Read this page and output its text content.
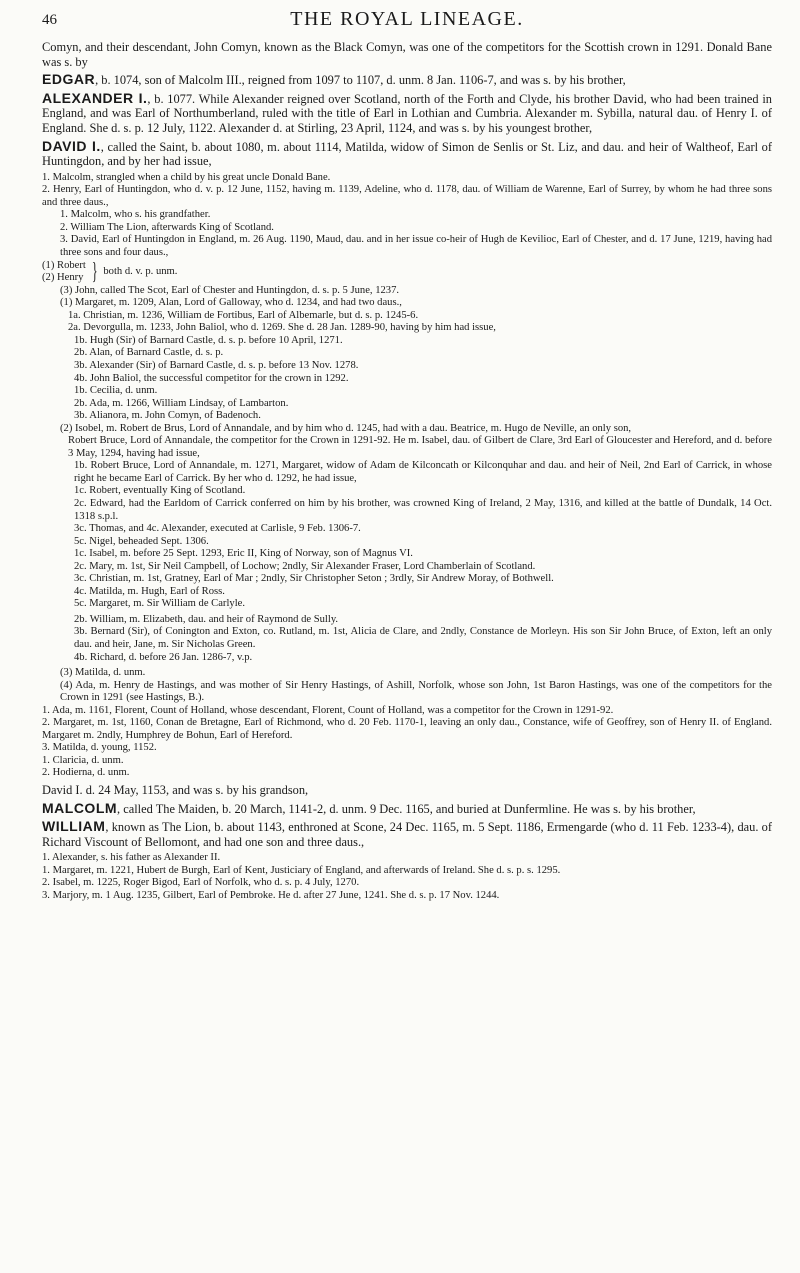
46	THE ROYAL LINEAGE.

Comyn, and their descendant, John Comyn, known as the Black Comyn, was one of the competitors for the Scottish crown in 1291. Donald Bane was s. by

EDGAR, b. 1074, son of Malcolm III., reigned from 1097 to 1107, d. unm. 8 Jan. 1106-7, and was s. by his brother,

ALEXANDER I., b. 1077. While Alexander reigned over Scotland, north of the Forth and Clyde, his brother David, who had been trained in England, and was Earl of Northumberland, ruled with the title of Earl in Lothian and Cumbria. Alexander m. Sybilla, natural dau. of Henry I. of England. She d. s. p. 12 July, 1122. Alexander d. at Stirling, 23 April, 1124, and was s. by his youngest brother,

DAVID I., called the Saint, b. about 1080, m. about 1114, Matilda, widow of Simon de Senlis or St. Liz, and dau. and heir of Waltheof, Earl of Huntingdon, and by her had issue,

1. Malcolm, strangled when a child by his great uncle Donald Bane.

2. Henry, Earl of Huntingdon, who d. v. p. 12 June, 1152, having m. 1139, Adeline, who d. 1178, dau. of William de Warenne, Earl of Surrey, by whom he had three sons and three daus.,

1. Malcolm, who s. his grandfather.

2. William The Lion, afterwards King of Scotland.

3. David, Earl of Huntingdon in England, m. 26 Aug. 1190, Maud, dau. and in her issue co-heir of Hugh de Kevilioc, Earl of Chester, and d. 17 June, 1219, having had three sons and four daus.,

(1) Robert
(2) Henry } both d. v. p. unm.

(3) John, called The Scot, Earl of Chester and Huntingdon, d. s. p. 5 June, 1237.

(1) Margaret, m. 1209, Alan, Lord of Galloway, who d. 1234, and had two daus.,

1a. Christian, m. 1236, William de Fortibus, Earl of Albemarle, but d. s. p. 1245-6.

2a. Devorgulla, m. 1233, John Baliol, who d. 1269. She d. 28 Jan. 1289-90, having by him had issue,

1b. Hugh (Sir) of Barnard Castle, d. s. p. before 10 April, 1271.

2b. Alan, of Barnard Castle, d. s. p.

3b. Alexander (Sir) of Barnard Castle, d. s. p. before 13 Nov. 1278.

4b. John Baliol, the successful competitor for the crown in 1292.

1b. Cecilia, d. unm.

2b. Ada, m. 1266, William Lindsay, of Lambarton.

3b. Alianora, m. John Comyn, of Badenoch.

(2) Isobel, m. Robert de Brus, Lord of Annandale, and by him who d. 1245, had with a dau. Beatrice, m. Hugo de Neville, an only son,

Robert Bruce, Lord of Annandale, the competitor for the Crown in 1291-92. He m. Isabel, dau. of Gilbert de Clare, 3rd Earl of Gloucester and Hereford, and d. before 3 May, 1294, having had issue,

1b. Robert Bruce, Lord of Annandale, m. 1271, Margaret, widow of Adam de Kilconcath or Kilconquhar and dau. and heir of Neil, 2nd Earl of Carrick, in whose right he became Earl of Carrick. By her who d. 1292, he had issue,

1c. Robert, eventually King of Scotland.

2c. Edward, had the Earldom of Carrick conferred on him by his brother, was crowned King of Ireland, 2 May, 1316, and killed at the battle of Dundalk, 14 Oct. 1318 s.p.l.

3c. Thomas, and 4c. Alexander, executed at Carlisle, 9 Feb. 1306-7.

5c. Nigel, beheaded Sept. 1306.

1c. Isabel, m. before 25 Sept. 1293, Eric II, King of Norway, son of Magnus VI.

2c. Mary, m. 1st, Sir Neil Campbell, of Lochow; 2ndly, Sir Alexander Fraser, Lord Chamberlain of Scotland.

3c. Christian, m. 1st, Gratney, Earl of Mar ; 2ndly, Sir Christopher Seton ; 3rdly, Sir Andrew Moray, of Bothwell.

4c. Matilda, m. Hugh, Earl of Ross.

5c. Margaret, m. Sir William de Carlyle.

2b. William, m. Elizabeth, dau. and heir of Raymond de Sully.

3b. Bernard (Sir), of Conington and Exton, co. Rutland, m. 1st, Alicia de Clare, and 2ndly, Constance de Morleyn. His son Sir John Bruce, of Exton, left an only dau. and heir, Jane, m. Sir Nicholas Green.

4b. Richard, d. before 26 Jan. 1286-7, v.p.

(3) Matilda, d. unm.

(4) Ada, m. Henry de Hastings, and was mother of Sir Henry Hastings, of Ashill, Norfolk, whose son John, 1st Baron Hastings, was one of the competitors for the Crown in 1291 (see Hastings, B.).

1. Ada, m. 1161, Florent, Count of Holland, whose descendant, Florent, Count of Holland, was a competitor for the Crown in 1291-92.

2. Margaret, m. 1st, 1160, Conan de Bretagne, Earl of Richmond, who d. 20 Feb. 1170-1, leaving an only dau., Constance, wife of Geoffrey, son of Henry II. of England. Margaret m. 2ndly, Humphrey de Bohun, Earl of Hereford.

3. Matilda, d. young, 1152.

1. Claricia, d. unm.

2. Hodierna, d. unm.

David I. d. 24 May, 1153, and was s. by his grandson,

MALCOLM, called The Maiden, b. 20 March, 1141-2, d. unm. 9 Dec. 1165, and buried at Dunfermline. He was s. by his brother,

WILLIAM, known as The Lion, b. about 1143, enthroned at Scone, 24 Dec. 1165, m. 5 Sept. 1186, Ermengarde (who d. 11 Feb. 1233-4), dau. of Richard Viscount of Bellomont, and had one son and three daus.,

1. Alexander, s. his father as Alexander II.

1. Margaret, m. 1221, Hubert de Burgh, Earl of Kent, Justiciary of England, and afterwards of Ireland. She d. s. p. s. 1295.

2. Isabel, m. 1225, Roger Bigod, Earl of Norfolk, who d. s. p. 4 July, 1270.

3. Marjory, m. 1 Aug. 1235, Gilbert, Earl of Pembroke. He d. after 27 June, 1241. She d. s. p. 17 Nov. 1244.
